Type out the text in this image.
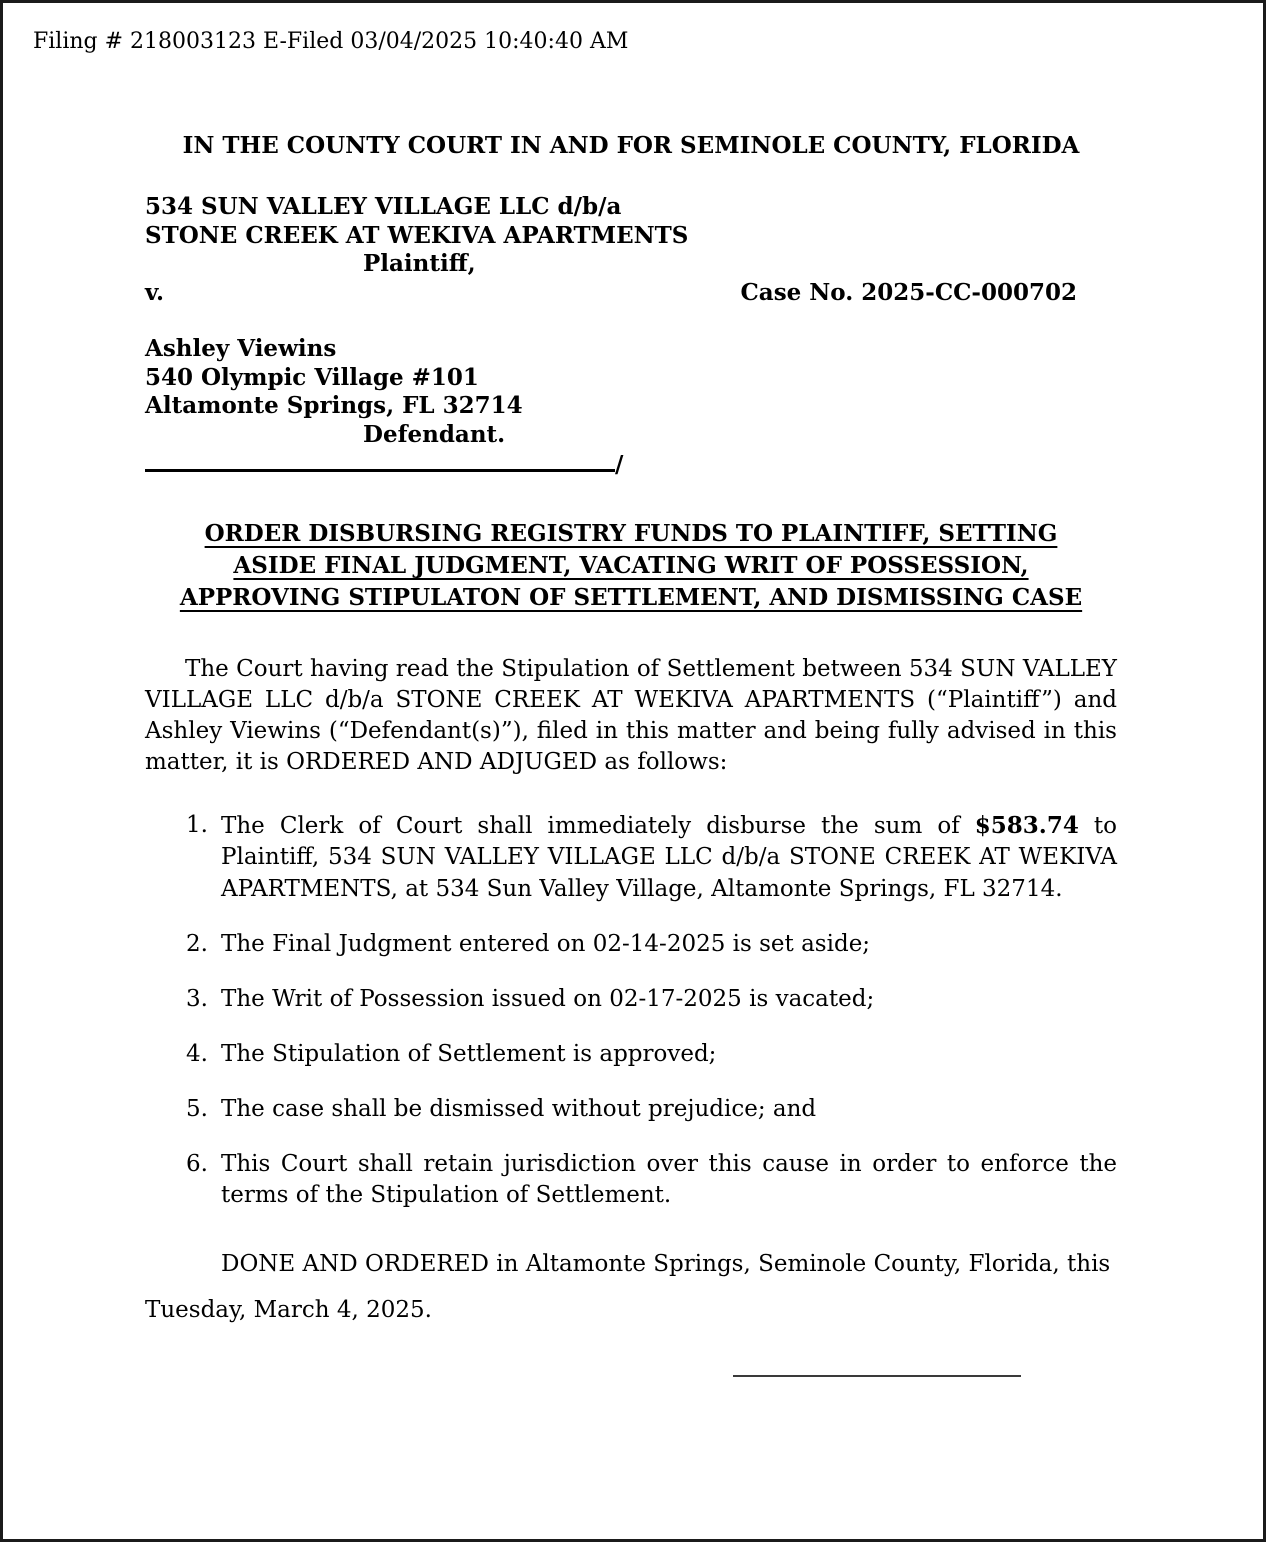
Filing # 218003123 E-Filed 03/04/2025 10:40:40 AM
IN THE COUNTY COURT IN AND FOR SEMINOLE COUNTY, FLORIDA
534 SUN VALLEY VILLAGE LLC d/b/a
STONE CREEK AT WEKIVA APARTMENTS
Plaintiff,
v.	Case No. 2025-CC-000702
Ashley Viewins
540 Olympic Village #101
Altamonte Springs, FL 32714
Defendant.
/
ORDER DISBURSING REGISTRY FUNDS TO PLAINTIFF, SETTING
ASIDE FINAL JUDGMENT, VACATING WRIT OF POSSESSION,
APPROVING STIPULATON OF SETTLEMENT, AND DISMISSING CASE
The Court having read the Stipulation of Settlement between 534 SUN VALLEY VILLAGE LLC d/b/a STONE CREEK AT WEKIVA APARTMENTS (“Plaintiff”) and Ashley Viewins (“Defendant(s)”), filed in this matter and being fully advised in this matter, it is ORDERED AND ADJUGED as follows:
1. The Clerk of Court shall immediately disburse the sum of $583.74 to Plaintiff, 534 SUN VALLEY VILLAGE LLC d/b/a STONE CREEK AT WEKIVA APARTMENTS, at 534 Sun Valley Village, Altamonte Springs, FL 32714.
2. The Final Judgment entered on 02-14-2025 is set aside;
3. The Writ of Possession issued on 02-17-2025 is vacated;
4. The Stipulation of Settlement is approved;
5. The case shall be dismissed without prejudice; and
6. This Court shall retain jurisdiction over this cause in order to enforce the terms of the Stipulation of Settlement.
DONE AND ORDERED in Altamonte Springs, Seminole County, Florida, this Tuesday, March 4, 2025.
